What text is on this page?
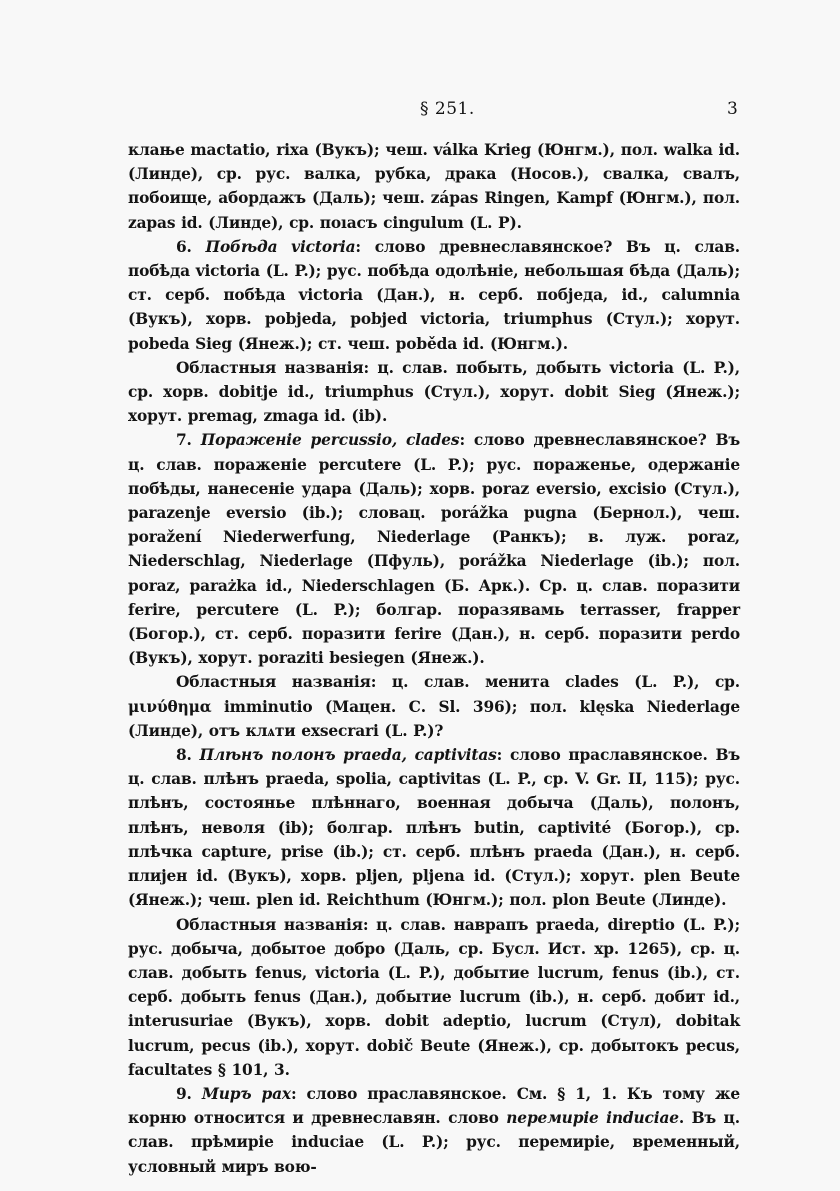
§ 251.	3

клање mactatio, rixa (Вукъ); чеш. válka Krieg (Юнгм.), пол. walka id. (Линде), ср. рус. валка, рубка, драка (Носов.), свалка, свалъ, побоище, абордажъ (Даль); чеш. zápas Ringen, Kampf (Юнгм.), пол. zapas id. (Линде), ср. поıасъ cingulum (L. P).

6. Побѣда victoria: слово древнеславянское? Въ ц. слав. побѣда victoria (L. P.); рус. побѣда одолѣніе, небольшая бѣда (Даль); ст. серб. побѣда victoria (Дан.), н. серб. побједа, id., calumnia (Вукъ), хорв. pobjeda, pobjed victoria, triumphus (Стул.); хорут. pobeda Sieg (Янеж.); ст. чеш. poběda id. (Юнгм.).

Областныя названія: ц. слав. побыть, добыть victoria (L. P.), ср. хорв. dobitje id., triumphus (Стул.), хорут. dobit Sieg (Янеж.); хорут. premag, zmaga id. (ib).

7. Пораженіе percussio, clades: слово древнеславянское? Въ ц. слав. пораженіе percutere (L. P.); рус. пораженье, одержаніе побѣды, нанесеніе удара (Даль); хорв. poraz eversio, excisio (Стул.), parazenje eversio (ib.); словац. porážka pugna (Бернол.), чеш. poražení Niederwerfung, Niederlage (Ранкъ); в. луж. poraz, Niederschlag, Niederlage (Пфуль), porážka Niederlage (ib.); пол. poraz, parażka id., Niederschlagen (Б. Арк.). Ср. ц. слав. поразити ferire, percutere (L. P.); болгар. поразявамь terrasser, frapper (Богор.), ст. серб. поразити ferire (Дан.), н. серб. поразити perdo (Вукъ), хорут. poraziti besiegen (Янеж.).

Областныя названія: ц. слав. менита clades (L. P.), ср. μινύθημα imminutio (Мацен. С. Sl. 396); пол. klęska Niederlage (Линде), отъ клѧти exsecrari (L. P.)?

8. Плѣнъ полонъ praeda, captivitas: слово праславянское. Въ ц. слав. плѣнъ praeda, spolia, captivitas (L. P., ср. V. Gr. II, 115); рус. плѣнъ, состоянье плѣннаго, военная добыча (Даль), полонъ, плѣнъ, неволя (ib); болгар. плѣнъ butin, captivité (Богор.), ср. плѣчка capture, prise (ib.); ст. серб. плѣнъ praeda (Дан.), н. серб. плијен id. (Вукъ), хорв. pljen, pljena id. (Стул.); хорут. plen Beute (Янеж.); чеш. plen id. Reichthum (Юнгм.); пол. plon Beute (Линде).

Областныя названія: ц. слав. наврапъ praeda, direptio (L. P.); рус. добыча, добытое добро (Даль, ср. Бусл. Ист. хр. 1265), ср. ц. слав. добыть fenus, victoria (L. P.), добытие lucrum, fenus (ib.), ст. серб. добыть fenus (Дан.), добытие lucrum (ib.), н. серб. добит id., interusuriae (Вукъ), хорв. dobit adeptio, lucrum (Стул), dobitak lucrum, pecus (ib.), хорут. dobič Beute (Янеж.), ср. добытокъ pecus, facultates § 101, 3.

9. Миръ pax: слово праславянское. См. § 1, 1. Къ тому же корню относится и древнеславян. слово перемиріе induciae. Въ ц. слав. прѣмиріе induciae (L. P.); рус. перемиріе, временный, условный миръ вою-
